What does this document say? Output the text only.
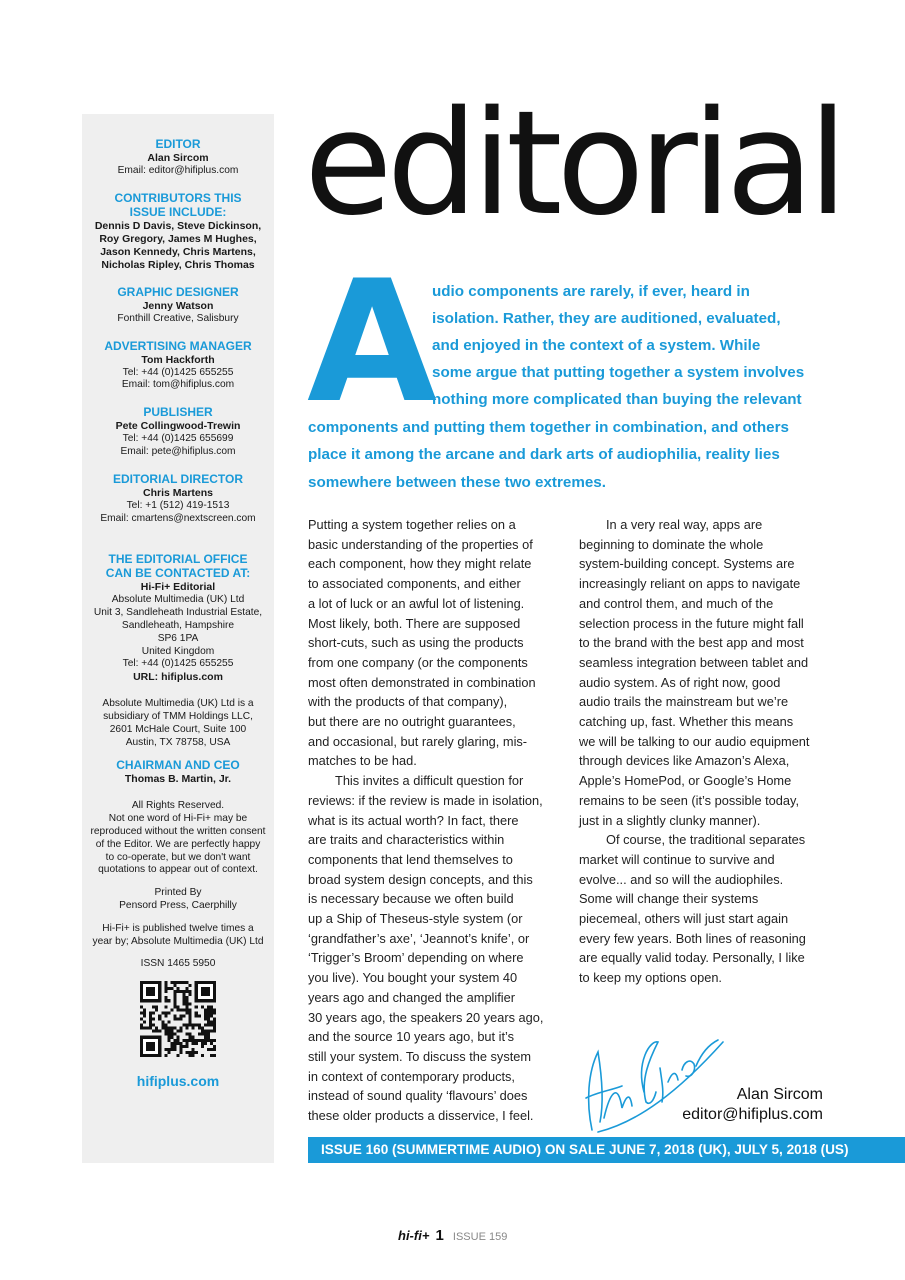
EDITOR
Alan Sircom
Email: editor@hifiplus.com
CONTRIBUTORS THIS
ISSUE INCLUDE:
Dennis D Davis, Steve Dickinson,
Roy Gregory, James M Hughes,
Jason Kennedy, Chris Martens,
Nicholas Ripley, Chris Thomas
GRAPHIC DESIGNER
Jenny Watson
Fonthill Creative, Salisbury
ADVERTISING MANAGER
Tom Hackforth
Tel: +44 (0)1425 655255
Email: tom@hifiplus.com
PUBLISHER
Pete Collingwood-Trewin
Tel: +44 (0)1425 655699
Email: pete@hifiplus.com
EDITORIAL DIRECTOR
Chris Martens
Tel: +1 (512) 419-1513
Email: cmartens@nextscreen.com
THE EDITORIAL OFFICE
CAN BE CONTACTED AT:
Hi-Fi+ Editorial
Absolute Multimedia (UK) Ltd
Unit 3, Sandleheath Industrial Estate,
Sandleheath, Hampshire
SP6 1PA
United Kingdom
Tel: +44 (0)1425 655255
URL: hifiplus.com
Absolute Multimedia (UK) Ltd is a
subsidiary of TMM Holdings LLC,
2601 McHale Court, Suite 100
Austin, TX 78758, USA
CHAIRMAN AND CEO
Thomas B. Martin, Jr.
All Rights Reserved.
Not one word of Hi-Fi+ may be
reproduced without the written consent
of the Editor. We are perfectly happy
to co-operate, but we don't want
quotations to appear out of context.
Printed By
Pensord Press, Caerphilly
Hi-Fi+ is published twelve times a
year by; Absolute Multimedia (UK) Ltd
ISSN 1465 5950
hifiplus.com
editorial
A
udio components are rarely, if ever, heard in
isolation. Rather, they are auditioned, evaluated,
and enjoyed in the context of a system. While
some argue that putting together a system involves
nothing more complicated than buying the relevant
components and putting them together in combination, and others
place it among the arcane and dark arts of audiophilia, reality lies
somewhere between these two extremes.
Putting a system together relies on a
basic understanding of the properties of
each component, how they might relate
to associated components, and either
a lot of luck or an awful lot of listening.
Most likely, both. There are supposed
short-cuts, such as using the products
from one company (or the components
most often demonstrated in combination
with the products of that company),
but there are no outright guarantees,
and occasional, but rarely glaring, mis-
matches to be had.
This invites a difficult question for
reviews: if the review is made in isolation,
what is its actual worth? In fact, there
are traits and characteristics within
components that lend themselves to
broad system design concepts, and this
is necessary because we often build
up a Ship of Theseus-style system (or
‘grandfather’s axe’, ‘Jeannot’s knife’, or
‘Trigger’s Broom’ depending on where
you live). You bought your system 40
years ago and changed the amplifier
30 years ago, the speakers 20 years ago,
and the source 10 years ago, but it’s
still your system. To discuss the system
in context of contemporary products,
instead of sound quality ‘flavours’ does
these older products a disservice, I feel.
In a very real way, apps are
beginning to dominate the whole
system-building concept. Systems are
increasingly reliant on apps to navigate
and control them, and much of the
selection process in the future might fall
to the brand with the best app and most
seamless integration between tablet and
audio system. As of right now, good
audio trails the mainstream but we’re
catching up, fast. Whether this means
we will be talking to our audio equipment
through devices like Amazon’s Alexa,
Apple’s HomePod, or Google’s Home
remains to be seen (it’s possible today,
just in a slightly clunky manner).
Of course, the traditional separates
market will continue to survive and
evolve... and so will the audiophiles.
Some will change their systems
piecemeal, others will just start again
every few years. Both lines of reasoning
are equally valid today. Personally, I like
to keep my options open.
Alan Sircom
editor@hifiplus.com
ISSUE 160 (SUMMERTIME AUDIO) ON SALE JUNE 7, 2018 (UK), JULY 5, 2018 (US)
hi-fi+ 1 ISSUE 159
